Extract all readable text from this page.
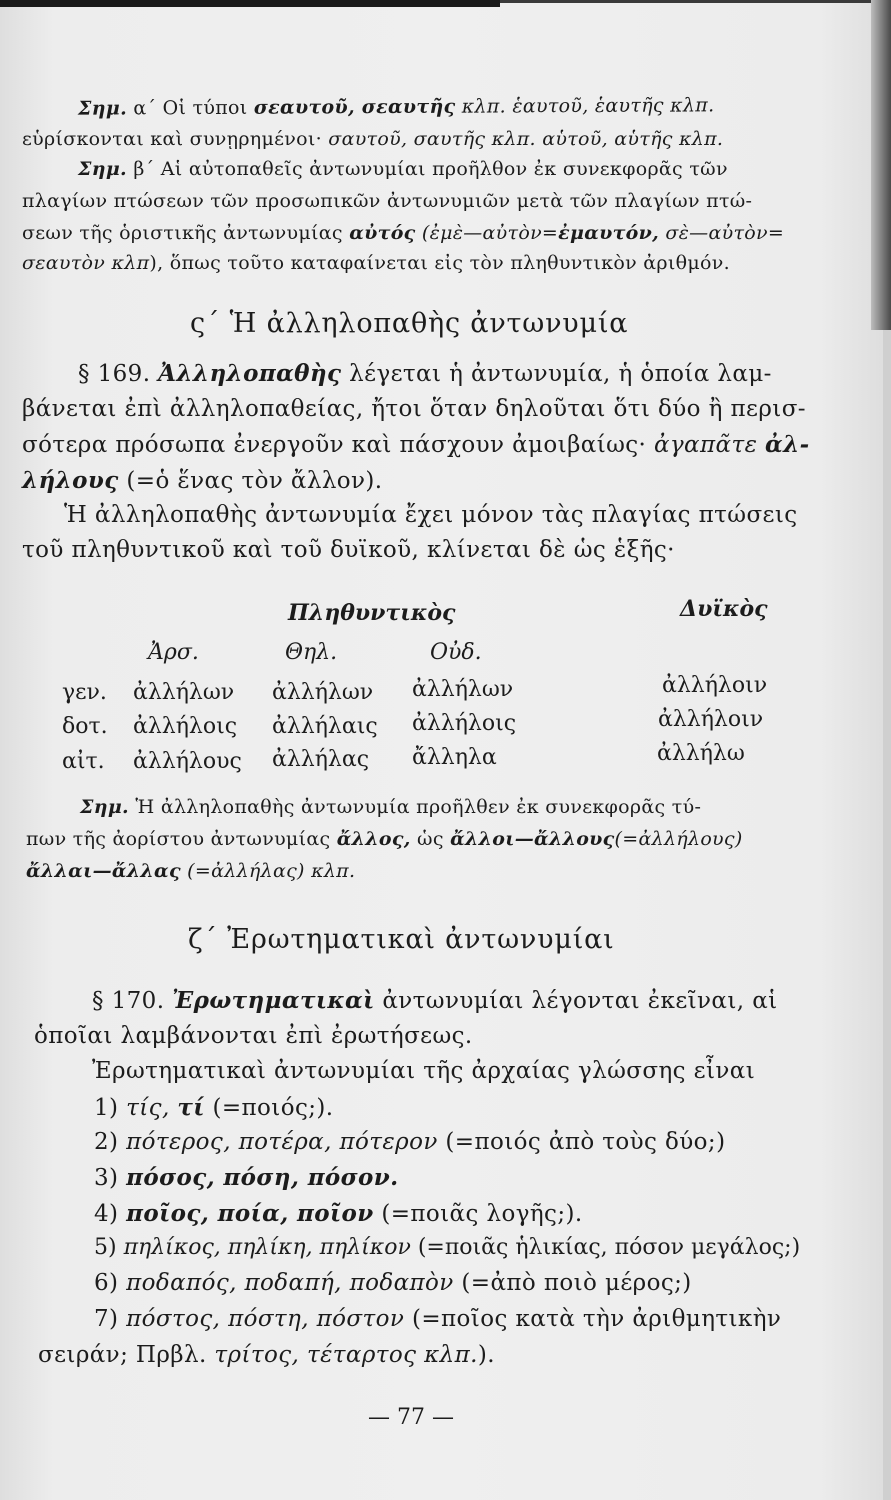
Σημ. α΄ Οἱ τύποι σεαυτοῦ, σεαυτῆς κλπ. ἑαυτοῦ, ἑαυτῆς κλπ.
εὑρίσκονται καὶ συνῃρημένοι· σαυτοῦ, σαυτῆς κλπ. αὑτοῦ, αὑτῆς κλπ.
Σημ. β΄ Αἱ αὐτοπαθεῖς ἀντωνυμίαι προῆλθον ἐκ συνεκφορᾶς τῶν
πλαγίων πτώσεων τῶν προσωπικῶν ἀντωνυμιῶν μετὰ τῶν πλαγίων πτώ-
σεων τῆς ὁριστικῆς ἀντωνυμίας αὐτός (ἐμὲ—αὐτὸν=ἐμαυτόν, σὲ—αὐτὸν=
σεαυτὸν κλπ), ὅπως τοῦτο καταφαίνεται εἰς τὸν πληθυντικὸν ἀριθμόν.
ς΄ Ἡ ἀλληλοπαθὴς ἀντωνυμία
§ 169. Ἀλληλοπαθὴς λέγεται ἡ ἀντωνυμία, ἡ ὁποία λαμ-
βάνεται ἐπὶ ἀλληλοπαθείας, ἤτοι ὅταν δηλοῦται ὅτι δύο ἢ περισ-
σότερα πρόσωπα ἐνεργοῦν καὶ πάσχουν ἀμοιβαίως· ἀγαπᾶτε ἀλ-
λήλους (=ὁ ἕνας τὸν ἄλλον).
Ἡ ἀλληλοπαθὴς ἀντωνυμία ἔχει μόνον τὰς πλαγίας πτώσεις
τοῦ πληθυντικοῦ καὶ τοῦ δυϊκοῦ, κλίνεται δὲ ὡς ἑξῆς·
Πληθυντικὸς	Δυϊκὸς
Ἀρσ.	Θηλ.	Οὐδ.
γεν. ἀλλήλων ἀλλήλων ἀλλήλων	ἀλλήλοιν
δοτ. ἀλλήλοις ἀλλήλαις ἀλλήλοις	ἀλλήλοιν
αἰτ. ἀλλήλους ἀλλήλας ἄλληλα	ἀλλήλω
Σημ. Ἡ ἀλληλοπαθὴς ἀντωνυμία προῆλθεν ἐκ συνεκφορᾶς τύ-
πων τῆς ἀορίστου ἀντωνυμίας ἄλλος, ὡς ἄλλοι—ἄλλους(=ἀλλήλους)
ἄλλαι—ἄλλας (=ἀλλήλας) κλπ.
ζ΄ Ἐρωτηματικαὶ ἀντωνυμίαι
§ 170. Ἐρωτηματικαὶ ἀντωνυμίαι λέγονται ἐκεῖναι, αἱ
ὁποῖαι λαμβάνονται ἐπὶ ἐρωτήσεως.
Ἐρωτηματικαὶ ἀντωνυμίαι τῆς ἀρχαίας γλώσσης εἶναι
1) τίς, τί (=ποιός;).
2) πότερος, ποτέρα, πότερον (=ποιός ἀπὸ τοὺς δύο;)
3) πόσος, πόση, πόσον.
4) ποῖος, ποία, ποῖον (=ποιᾶς λογῆς;).
5) πηλίκος, πηλίκη, πηλίκον (=ποιᾶς ἡλικίας, πόσον μεγάλος;)
6) ποδαπός, ποδαπή, ποδαπὸν (=ἀπὸ ποιὸ μέρος;)
7) πόστος, πόστη, πόστον (=ποῖος κατὰ τὴν ἀριθμητικὴν
σειράν; Πρβλ. τρίτος, τέταρτος κλπ.).
— 77 —
